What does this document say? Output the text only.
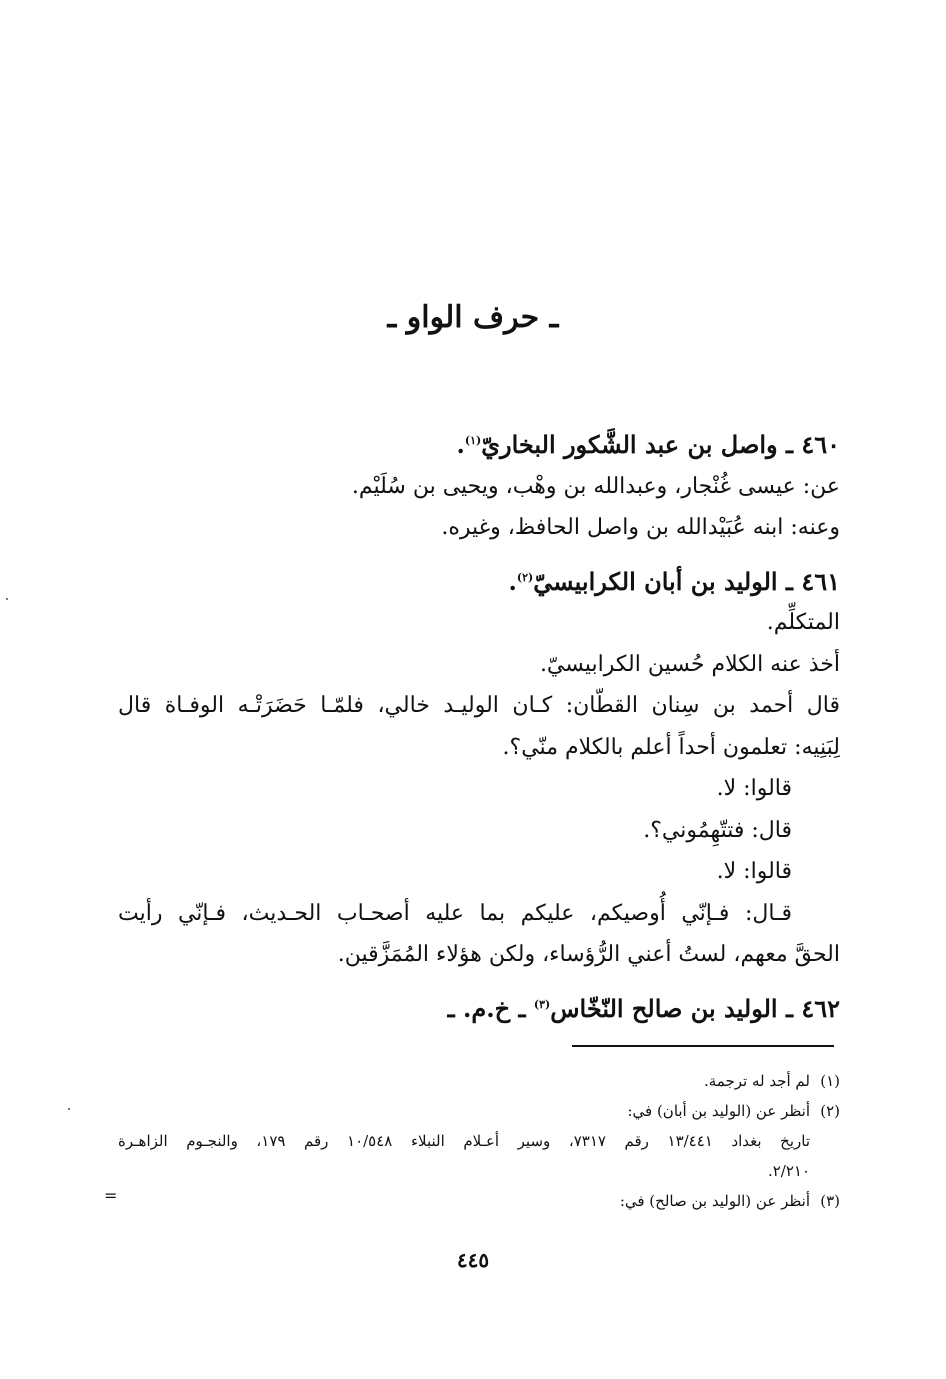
ـ حرف الواو ـ
٤٦٠ ـ واصل بن عبد الشَّكور البخاريّ$^{(١)}$.
عن: عيسى غُنْجار، وعبدالله بن وهْب، ويحيى بن سُلَيْم.
وعنه: ابنه عُبَيْدالله بن واصل الحافظ، وغيره.
٤٦١ ـ الوليد بن أبان الكرابيسيّ$^{(٢)}$.
المتكلِّم.
أخذ عنه الكلام حُسين الكرابيسيّ.
قال أحمد بن سِنان القطّان: كـان الوليـد خالي، فلمّـا حَضَرَتْـه الوفـاة قال
لِبَنِيه: تعلمون أحداً أعلم بالكلام منّي؟.
قالوا: لا.
قال: فتتّهِمُوني؟.
قالوا: لا.
قـال: فـإنّي أُوصيكم، عليكم بما عليه أصحـاب الحـديث، فـإنّي رأيت
الحقَّ معهم، لستُ أعني الرُّؤساء، ولكن هؤلاء المُمَزَّقين.
٤٦٢ ـ الوليد بن صالح النّخّاس$^{(٣)}$ ـ خ.م. ـ
(١)لم أجد له ترجمة.
(٢)أنظر عن (الوليد بن أبان) في:
تاريخ بغداد ١٣/٤٤١ رقم ٧٣١٧، وسير أعـلام النبلاء ١٠/٥٤٨ رقم ١٧٩، والنجـوم الزاهـرة
٢/٢١٠.
(٣)أنظر عن (الوليد بن صالح) في:
=
٤٤٥
